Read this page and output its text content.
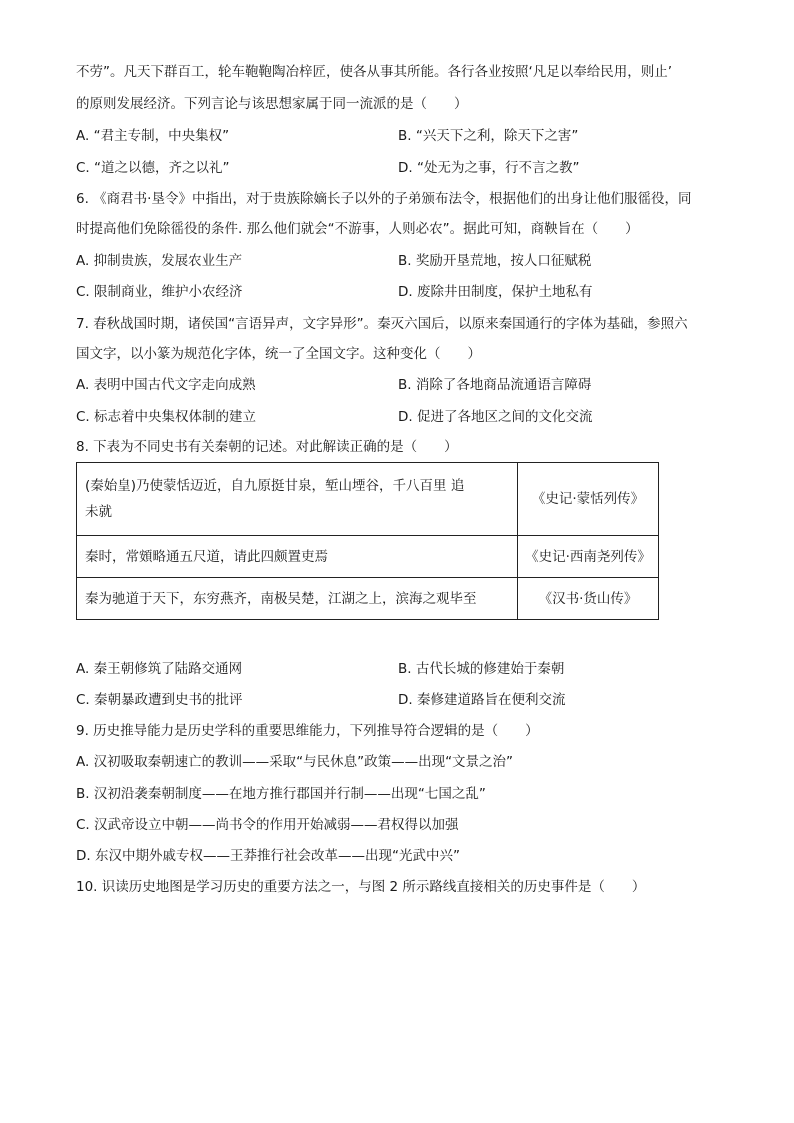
不劳”。凡天下群百工，轮车鞄鞄陶冶梓匠，使各从事其所能。各行各业按照‘凡足以奉给民用，则止’
的原则发展经济。下列言论与该思想家属于同一流派的是（　　）
A. “君主专制，中央集权”	B. “兴天下之利，除天下之害”
C. “道之以德，齐之以礼”	D. “处无为之事，行不言之教”
6. 《商君书·垦令》中指出，对于贵族除嫡长子以外的子弟颁布法令，根据他们的出身让他们服徭役，同
时提高他们免除徭役的条件. 那么他们就会“不游事，人则必农”。据此可知，商鞅旨在（　　）
A. 抑制贵族，发展农业生产	B. 奖励开垦荒地，按人口征赋税
C. 限制商业，维护小农经济	D. 废除井田制度，保护土地私有
7. 春秋战国时期，诸侯国“言语异声，文字异形”。秦灭六国后，以原来秦国通行的字体为基础，参照六
国文字，以小篆为规范化字体，统一了全国文字。这种变化（　　）
A. 表明中国古代文字走向成熟	B. 消除了各地商品流通语言障碍
C. 标志着中央集权体制的建立	D. 促进了各地区之间的文化交流
8. 下表为不同史书有关秦朝的记述。对此解读正确的是（　　）
(秦始皇)乃使蒙恬迈近，自九原挺甘泉，堑山堙谷，千八百里 追
未就	《史记·蒙恬列传》
秦时，常頞略通五尺道，请此四颇置吏焉	《史记·西南尧列传》
秦为驰道于天下，东穷燕齐，南极吴楚，江湖之上，滨海之观毕至	《汉书·货山传》
A. 秦王朝修筑了陆路交通网	B. 古代长城的修建始于秦朝
C. 秦朝暴政遭到史书的批评	D. 秦修建道路旨在便利交流
9. 历史推导能力是历史学科的重要思维能力，下列推导符合逻辑的是（　　）
A. 汉初吸取秦朝速亡的教训——采取“与民休息”政策——出现“文景之治”
B. 汉初沿袭秦朝制度——在地方推行郡国并行制——出现“七国之乱”
C. 汉武帝设立中朝——尚书令的作用开始减弱——君权得以加强
D. 东汉中期外戚专权——王莽推行社会改革——出现“光武中兴”
10. 识读历史地图是学习历史的重要方法之一，与图 2 所示路线直接相关的历史事件是（　　）
